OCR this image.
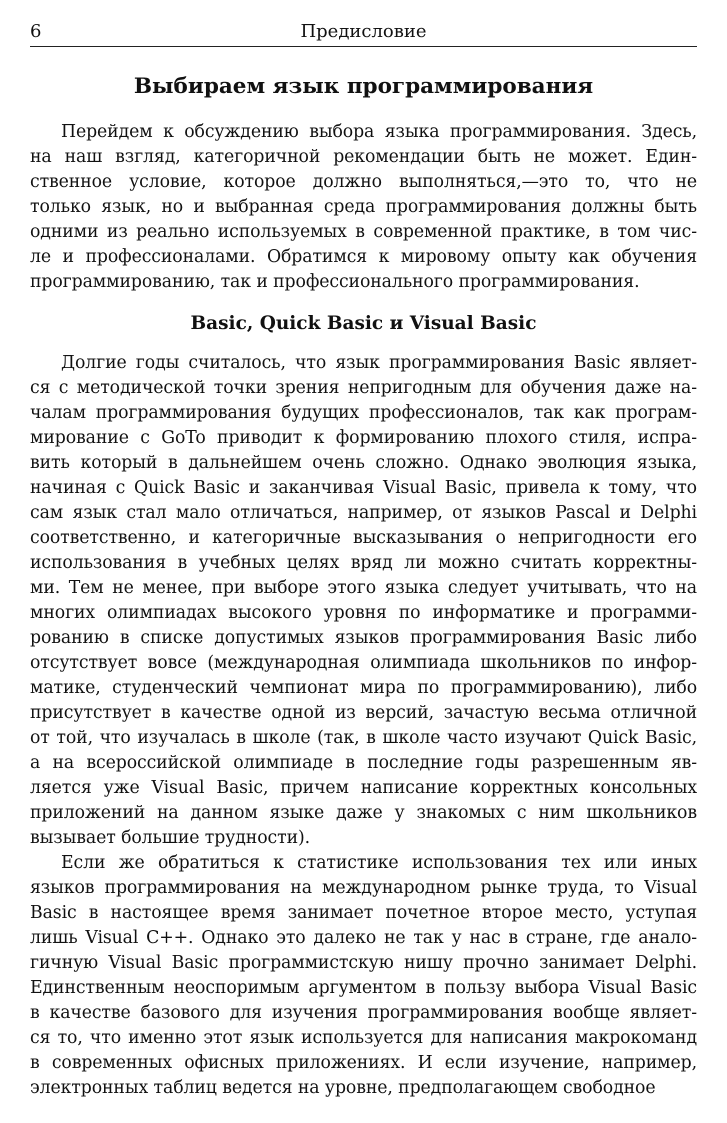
6	Предисловие
Выбираем язык программирования
Перейдем к обсуждению выбора языка программирования. Здесь,
на наш взгляд, категоричной рекомендации быть не может. Един-
ственное условие, которое должно выполняться,—это то, что не
только язык, но и выбранная среда программирования должны быть
одними из реально используемых в современной практике, в том чис-
ле и профессионалами. Обратимся к мировому опыту как обучения
программированию, так и профессионального программирования.
Basic, Quick Basic и Visual Basic
Долгие годы считалось, что язык программирования Basic являет-
ся с методической точки зрения непригодным для обучения даже на-
чалам программирования будущих профессионалов, так как програм-
мирование с GoTo приводит к формированию плохого стиля, испра-
вить который в дальнейшем очень сложно. Однако эволюция языка,
начиная с Quick Basic и заканчивая Visual Basic, привела к тому, что
сам язык стал мало отличаться, например, от языков Pascal и Delphi
соответственно, и категоричные высказывания о непригодности его
использования в учебных целях вряд ли можно считать корректны-
ми. Тем не менее, при выборе этого языка следует учитывать, что на
многих олимпиадах высокого уровня по информатике и программи-
рованию в списке допустимых языков программирования Basic либо
отсутствует вовсе (международная олимпиада школьников по инфор-
матике, студенческий чемпионат мира по программированию), либо
присутствует в качестве одной из версий, зачастую весьма отличной
от той, что изучалась в школе (так, в школе часто изучают Quick Basic,
а на всероссийской олимпиаде в последние годы разрешенным яв-
ляется уже Visual Basic, причем написание корректных консольных
приложений на данном языке даже у знакомых с ним школьников
вызывает большие трудности).
Если же обратиться к статистике использования тех или иных
языков программирования на международном рынке труда, то Visual
Basic в настоящее время занимает почетное второе место, уступая
лишь Visual C++. Однако это далеко не так у нас в стране, где анало-
гичную Visual Basic программистскую нишу прочно занимает Delphi.
Единственным неоспоримым аргументом в пользу выбора Visual Basic
в качестве базового для изучения программирования вообще являет-
ся то, что именно этот язык используется для написания макрокоманд
в современных офисных приложениях. И если изучение, например,
электронных таблиц ведется на уровне, предполагающем свободное
